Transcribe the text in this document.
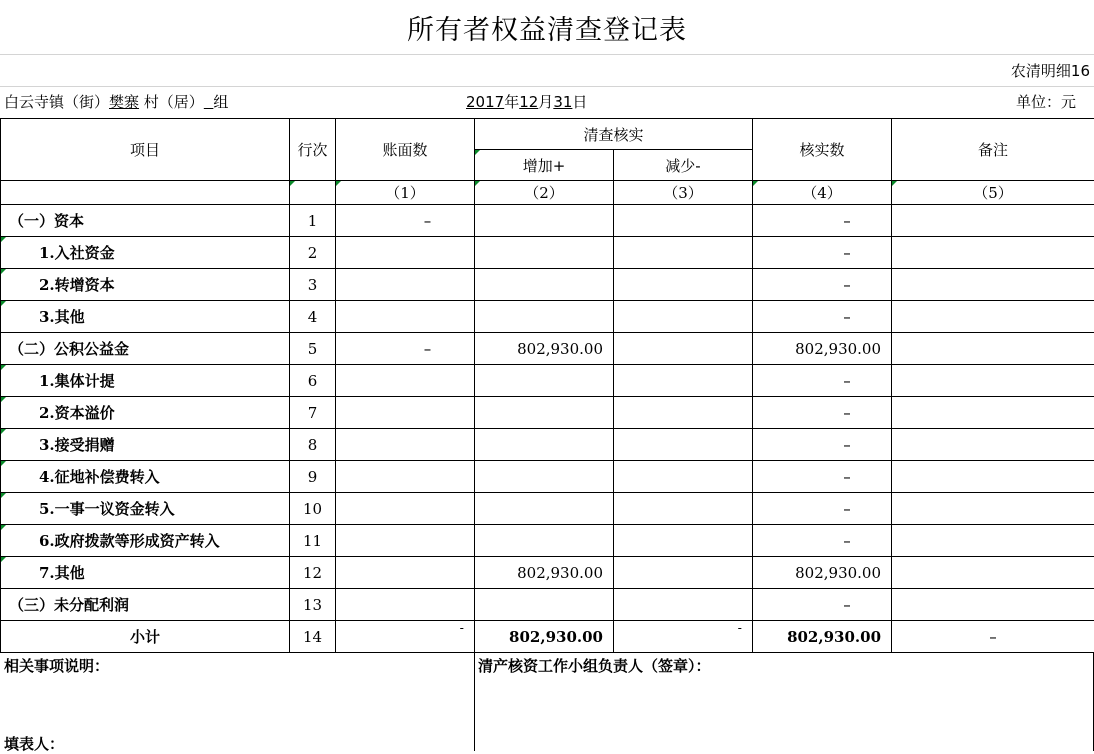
所有者权益清查登记表
农清明细16
白云寺镇（街）樊寨 村（居） 组	2017年12月31日	单位：元
项目	行次	账面数	清查核实		核实数	备注
			增加+	减少-		
		（1）	（2）	（3）	（4）	（5）
（一）资本	1	–			–	
1.入社资金	2				–	
2.转增资本	3				–	
3.其他	4				–	
（二）公积公益金	5	–	802,930.00		802,930.00	
1.集体计提	6				–	
2.资本溢价	7				–	
3.接受捐赠	8				–	
4.征地补偿费转入	9				–	
5.一事一议资金转入	10				–	
6.政府拨款等形成资产转入	11				–	
7.其他	12		802,930.00		802,930.00	
（三）未分配利润	13				–	
小计	14	-	802,930.00	-	802,930.00	–
相关事项说明：
填表人：
清产核资工作小组负责人（签章）：
